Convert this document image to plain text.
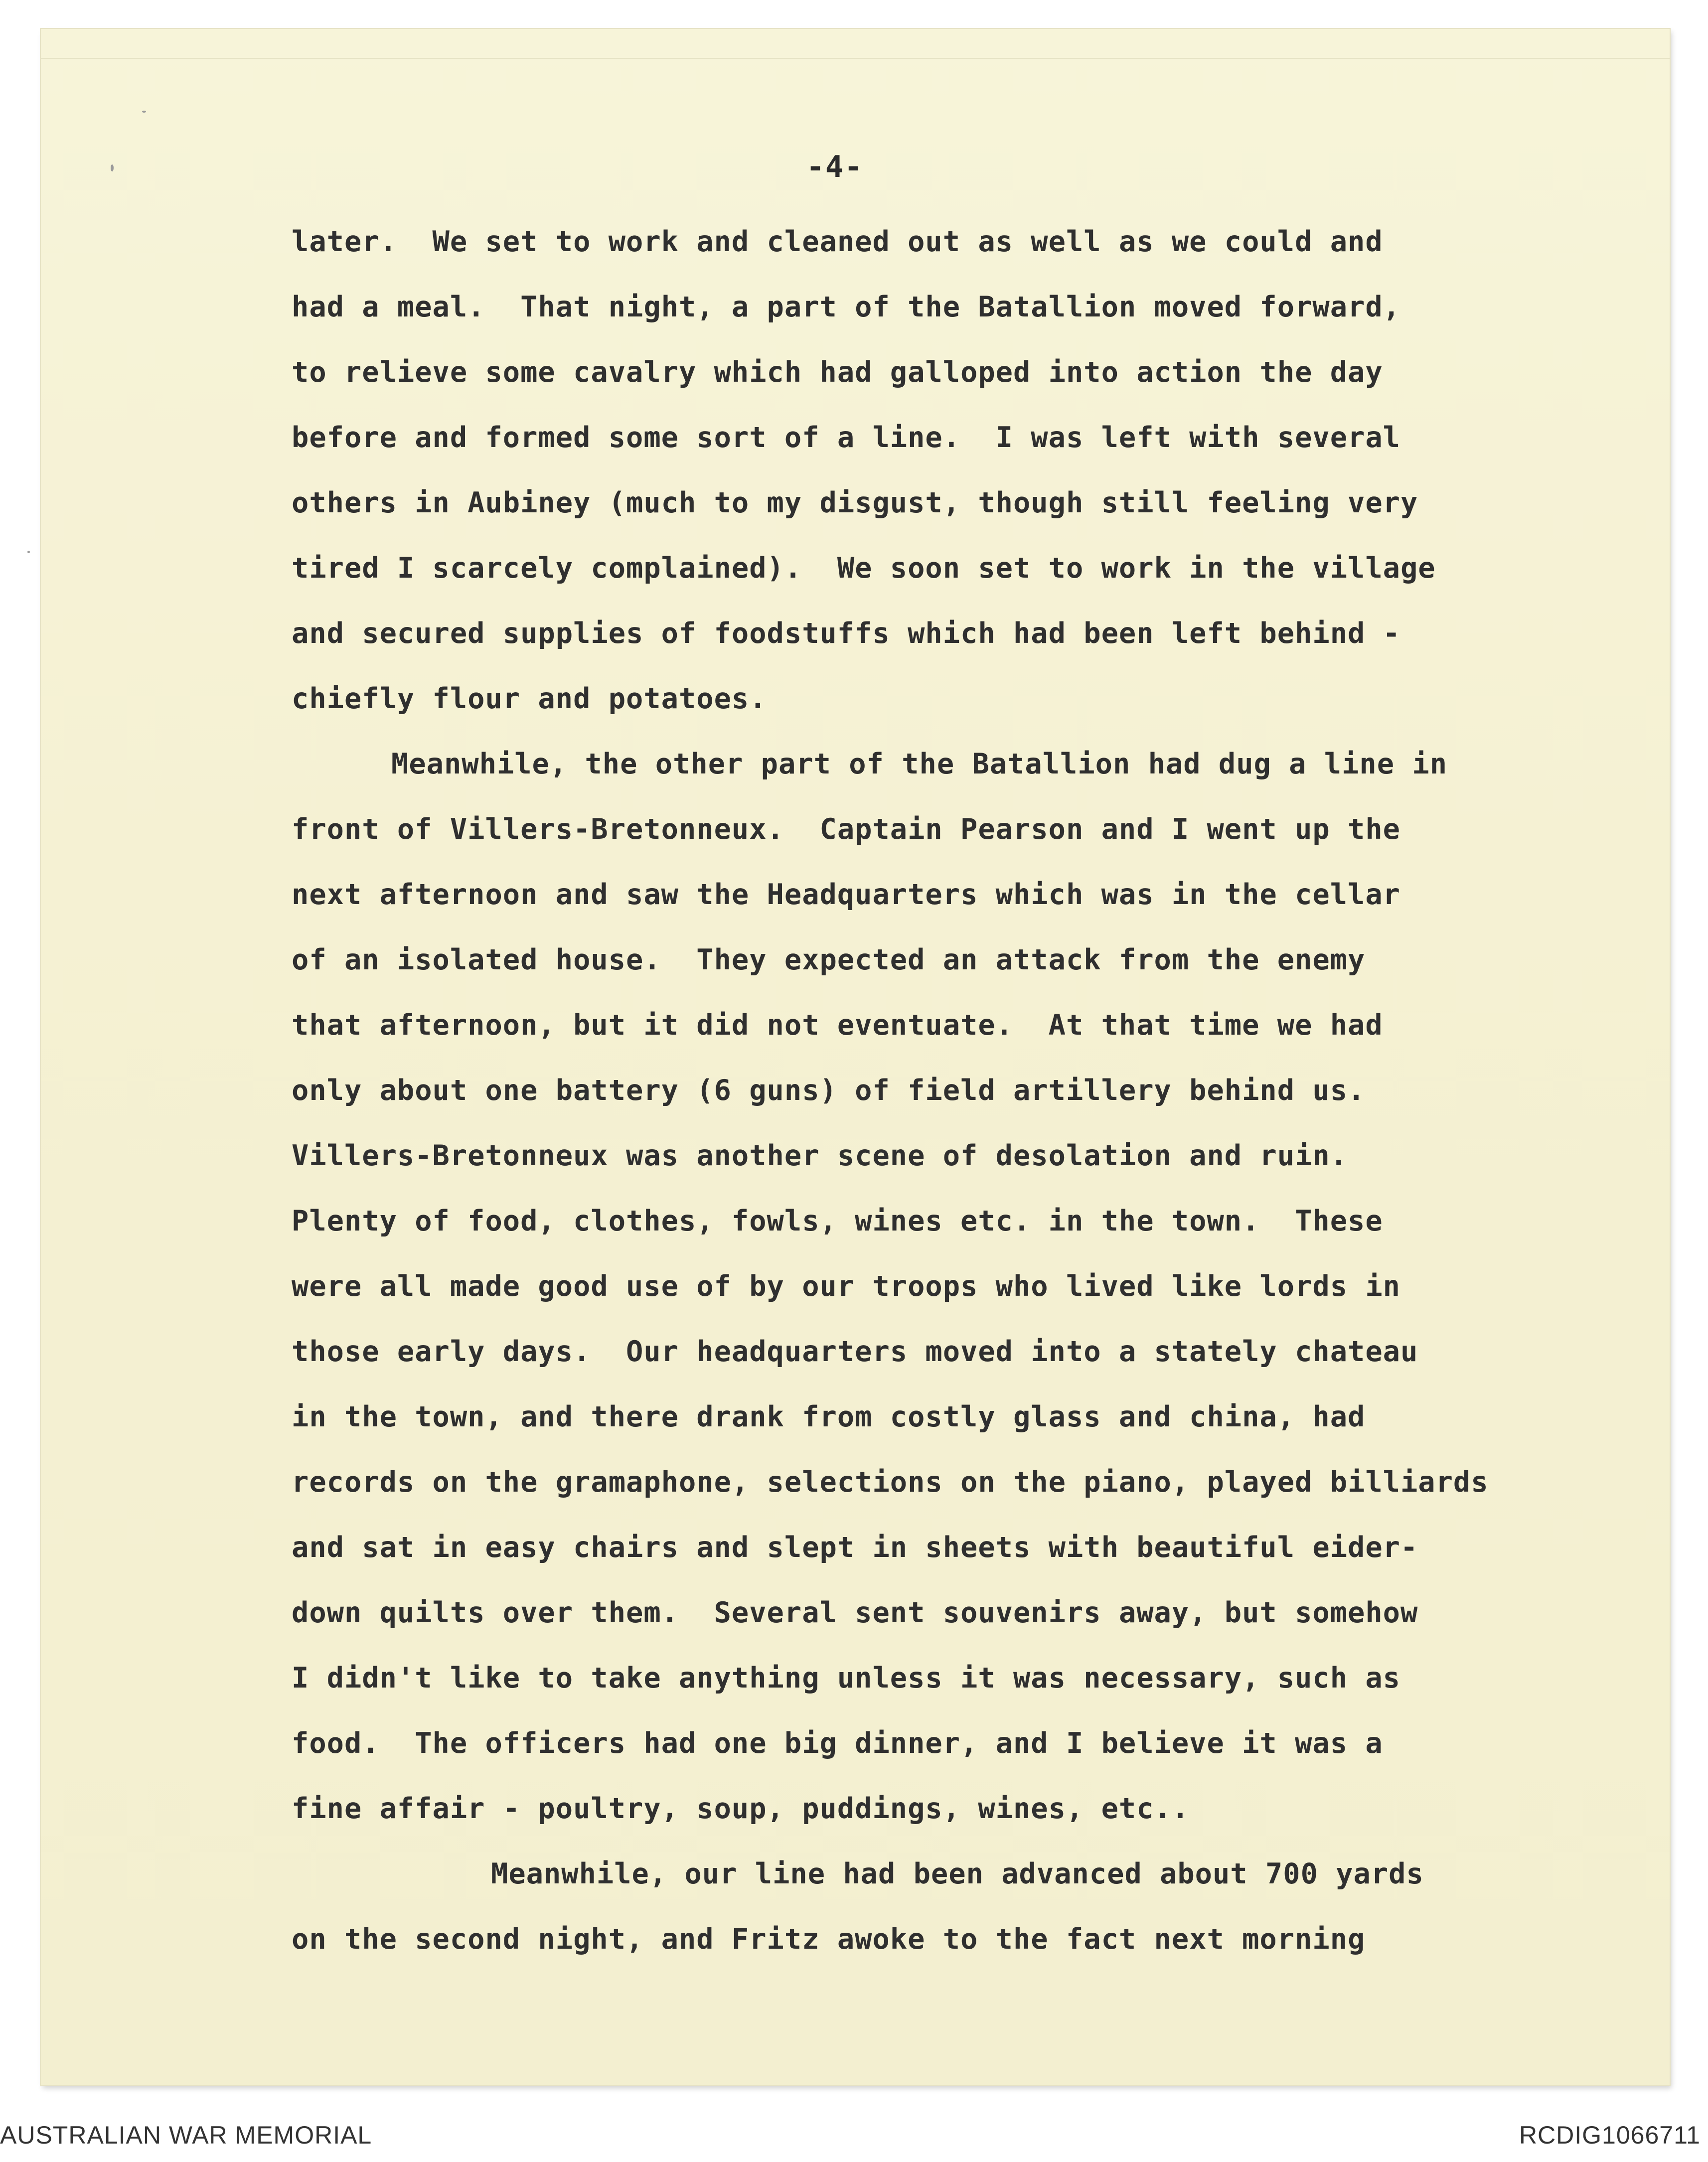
-4-
later.  We set to work and cleaned out as well as we could and
had a meal.  That night, a part of the Batallion moved forward,
to relieve some cavalry which had galloped into action the day
before and formed some sort of a line.  I was left with several
others in Aubiney (much to my disgust, though still feeling very
tired I scarcely complained).  We soon set to work in the village
and secured supplies of foodstuffs which had been left behind -
chiefly flour and potatoes.
Meanwhile, the other part of the Batallion had dug a line in
front of Villers-Bretonneux.  Captain Pearson and I went up the
next afternoon and saw the Headquarters which was in the cellar
of an isolated house.  They expected an attack from the enemy
that afternoon, but it did not eventuate.  At that time we had
only about one battery (6 guns) of field artillery behind us.
Villers-Bretonneux was another scene of desolation and ruin.
Plenty of food, clothes, fowls, wines etc. in the town.  These
were all made good use of by our troops who lived like lords in
those early days.  Our headquarters moved into a stately chateau
in the town, and there drank from costly glass and china, had
records on the gramaphone, selections on the piano, played billiards
and sat in easy chairs and slept in sheets with beautiful eider-
down quilts over them.  Several sent souvenirs away, but somehow
I didn't like to take anything unless it was necessary, such as
food.  The officers had one big dinner, and I believe it was a
fine affair - poultry, soup, puddings, wines, etc..
Meanwhile, our line had been advanced about 700 yards
on the second night, and Fritz awoke to the fact next morning
AUSTRALIAN WAR MEMORIAL	RCDIG1066711
